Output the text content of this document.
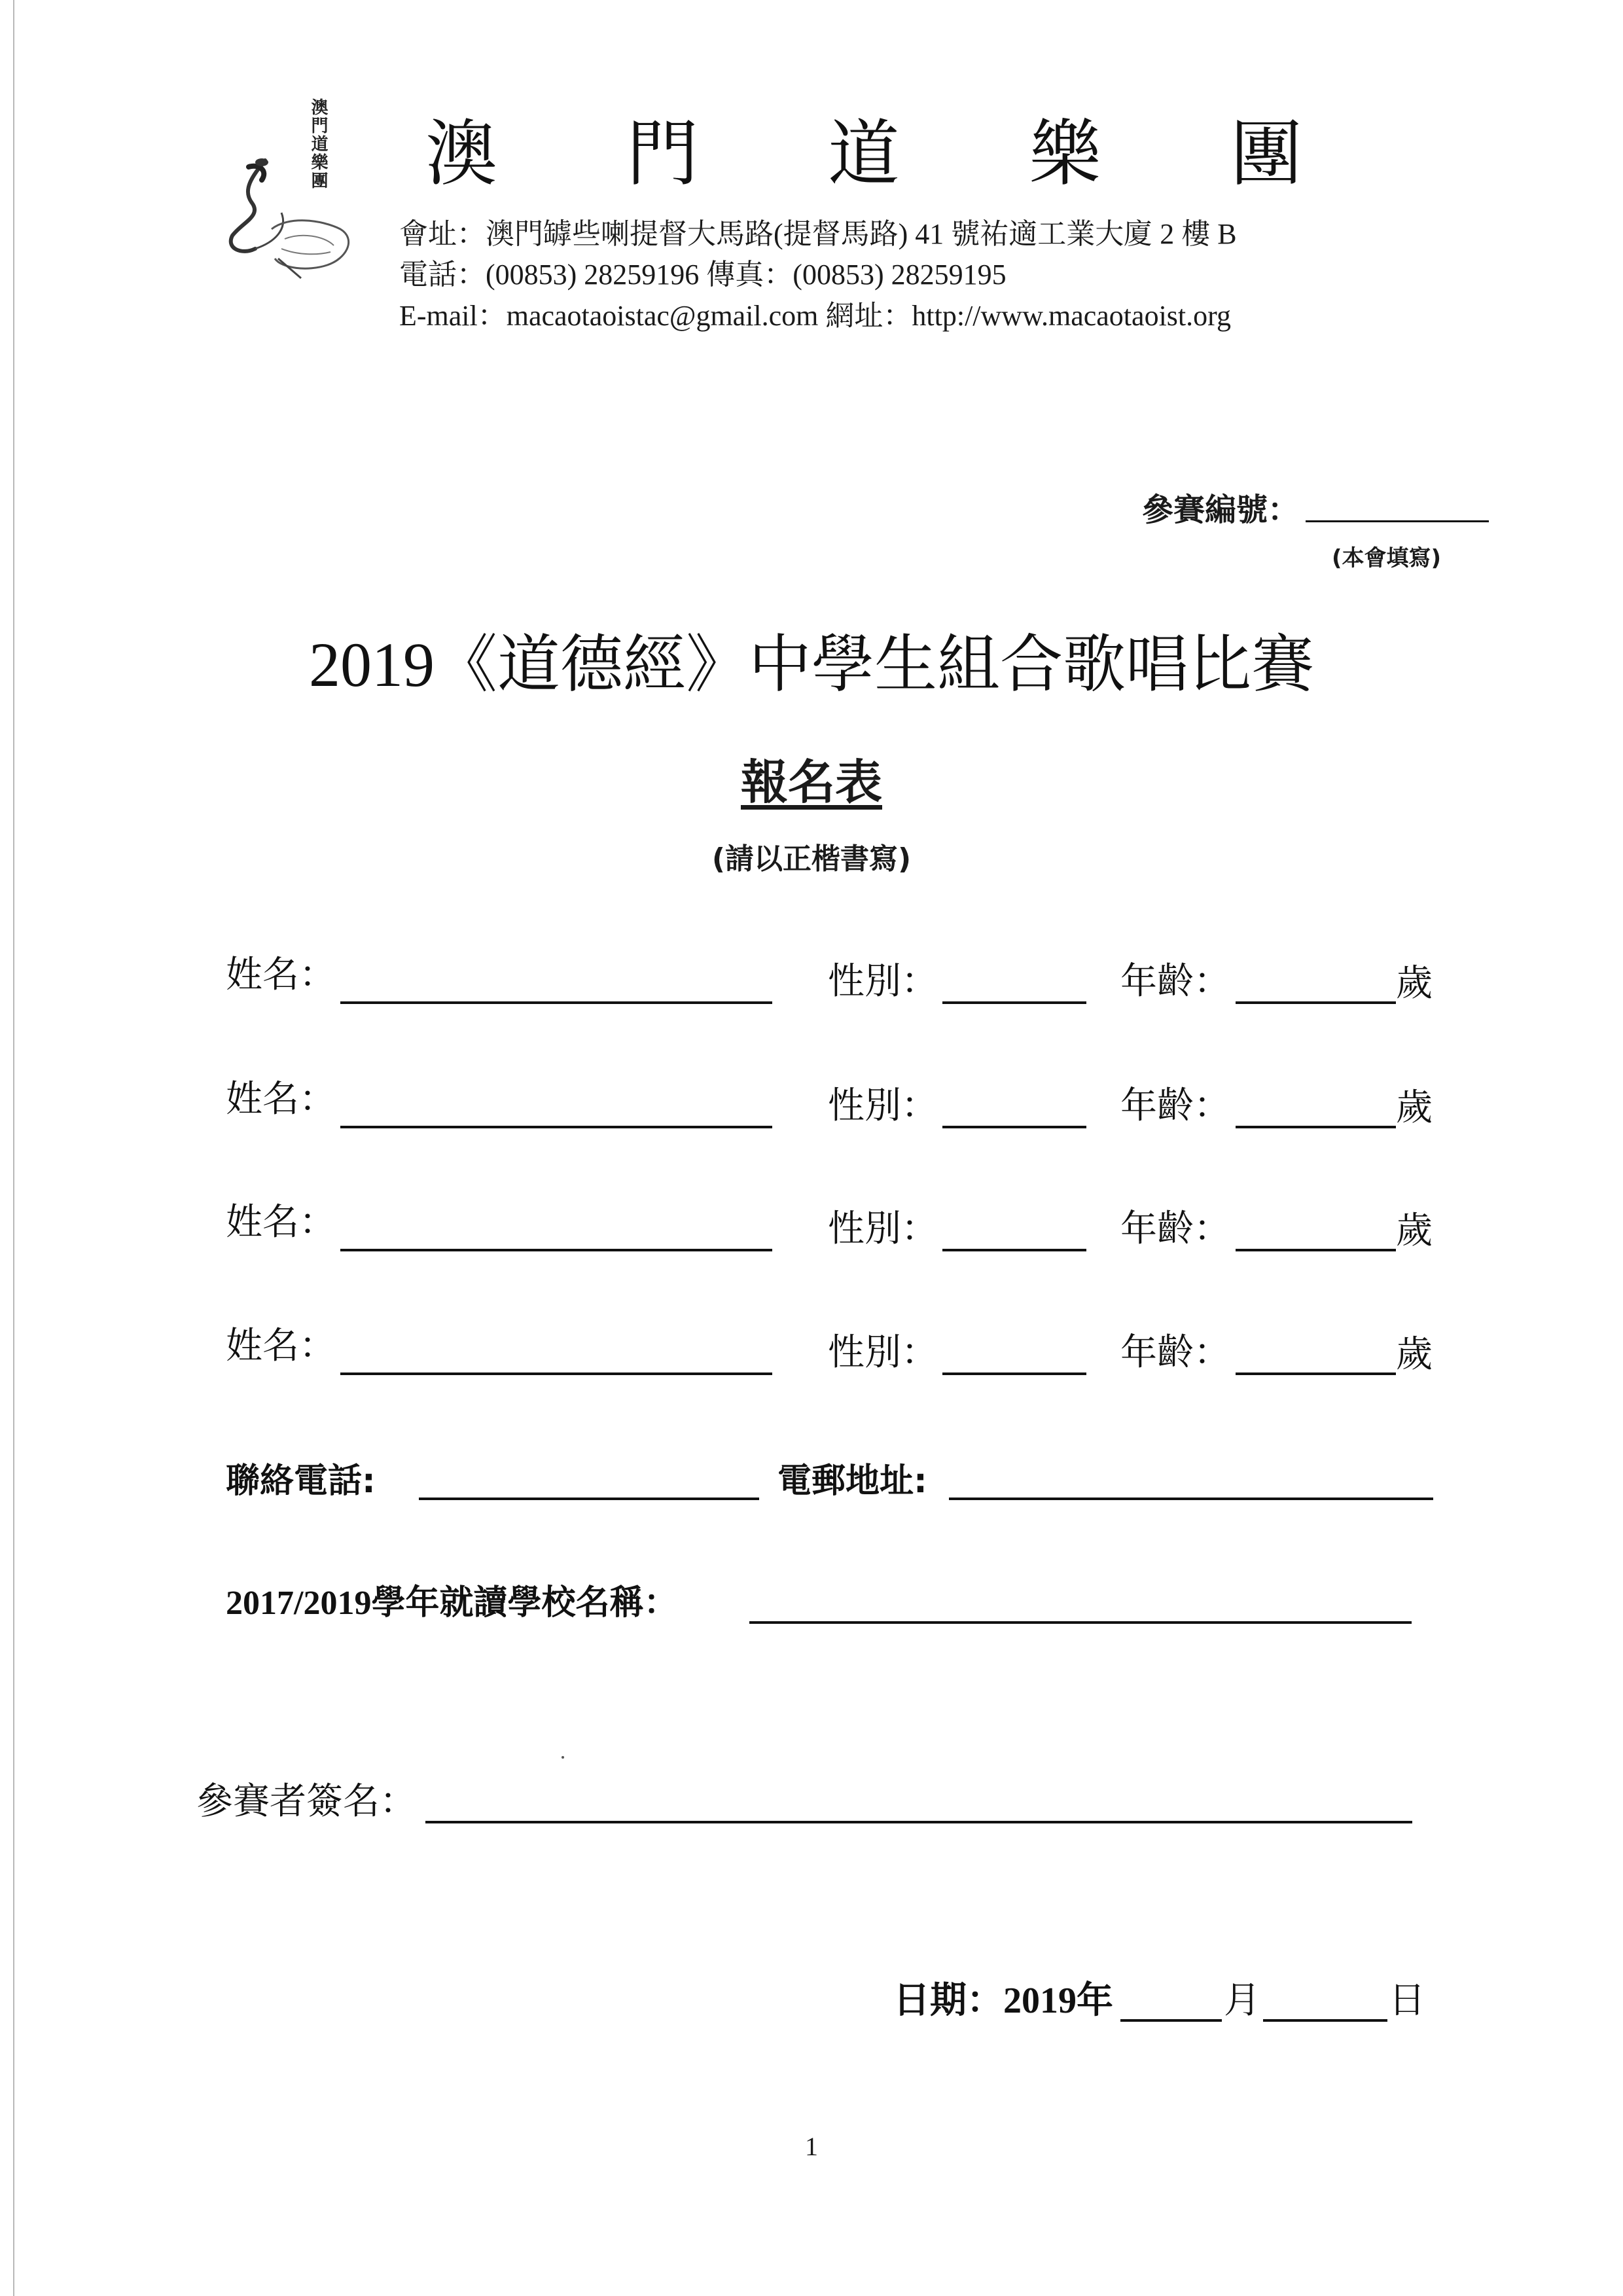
澳門道樂團 澳 門 道 樂 團
會址：澳門罅些喇提督大馬路(提督馬路) 41 號祐適工業大廈 2 樓 B
電話：(00853) 28259196 傳真：(00853) 28259195
E-mail：macaotaoistac@gmail.com 網址：http://www.macaotaoist.org
參賽編號：
(本會填寫)
2019《道德經》中學生組合歌唱比賽
報名表
(請以正楷書寫)
姓名：	性別：	年齡：	歲
姓名：	性別：	年齡：	歲
姓名：	性別：	年齡：	歲
姓名：	性別：	年齡：	歲
聯絡電話:	電郵地址:
2017/2019學年就讀學校名稱：
參賽者簽名：
日期：2019年	月	日
1
